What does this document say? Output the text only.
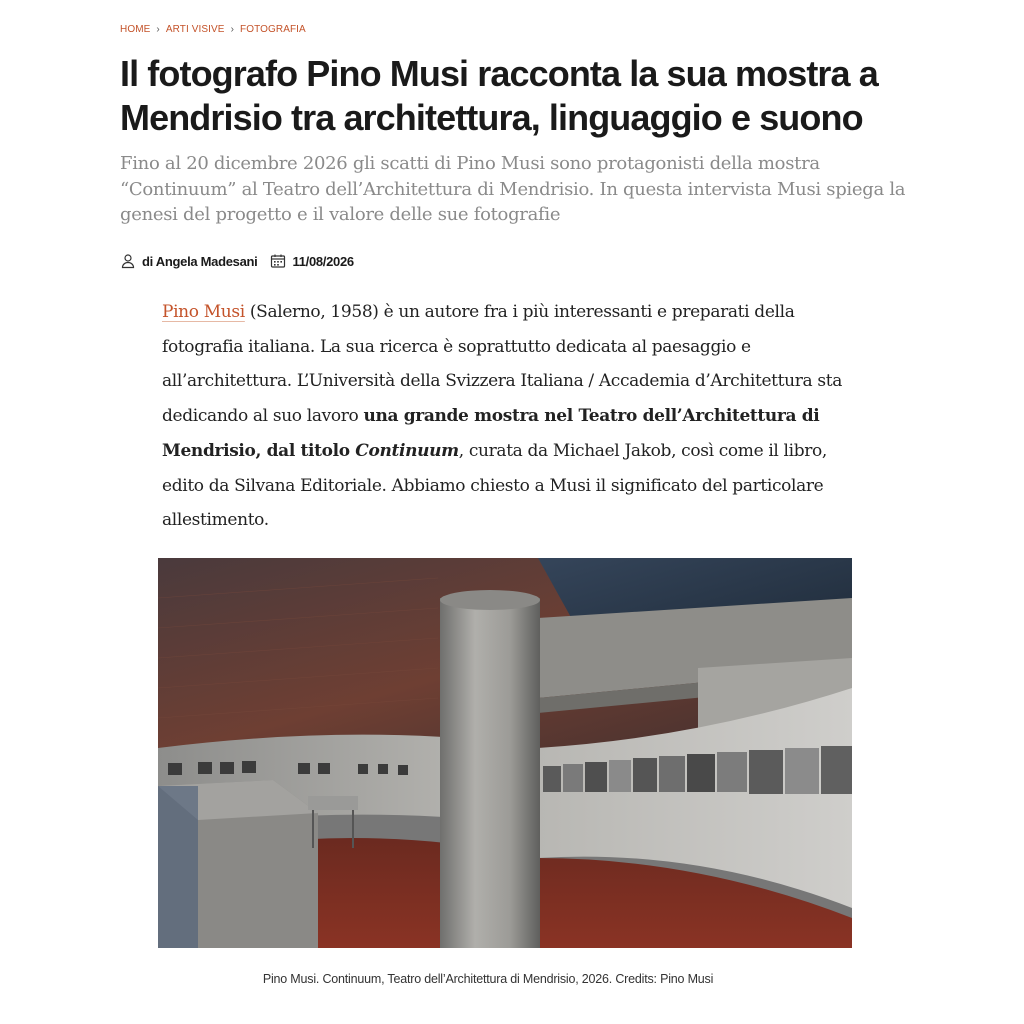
HOME › ARTI VISIVE › FOTOGRAFIA
Il fotografo Pino Musi racconta la sua mostra a Mendrisio tra architettura, linguaggio e suono

Fino al 20 dicembre 2026 gli scatti di Pino Musi sono protagonisti della mostra “Continuum” al Teatro dell’Architettura di Mendrisio. In questa intervista Musi spiega la genesi del progetto e il valore delle sue fotografie

di Angela Madesani	11/08/2026

Pino Musi (Salerno, 1958) è un autore fra i più interessanti e preparati della fotografia italiana. La sua ricerca è soprattutto dedicata al paesaggio e all’architettura. L’Università della Svizzera Italiana / Accademia d’Architettura sta dedicando al suo lavoro una grande mostra nel Teatro dell’Architettura di Mendrisio, dal titolo Continuum, curata da Michael Jakob, così come il libro, edito da Silvana Editoriale. Abbiamo chiesto a Musi il significato del particolare allestimento.

Pino Musi. Continuum, Teatro dell’Architettura di Mendrisio, 2026. Credits: Pino Musi
